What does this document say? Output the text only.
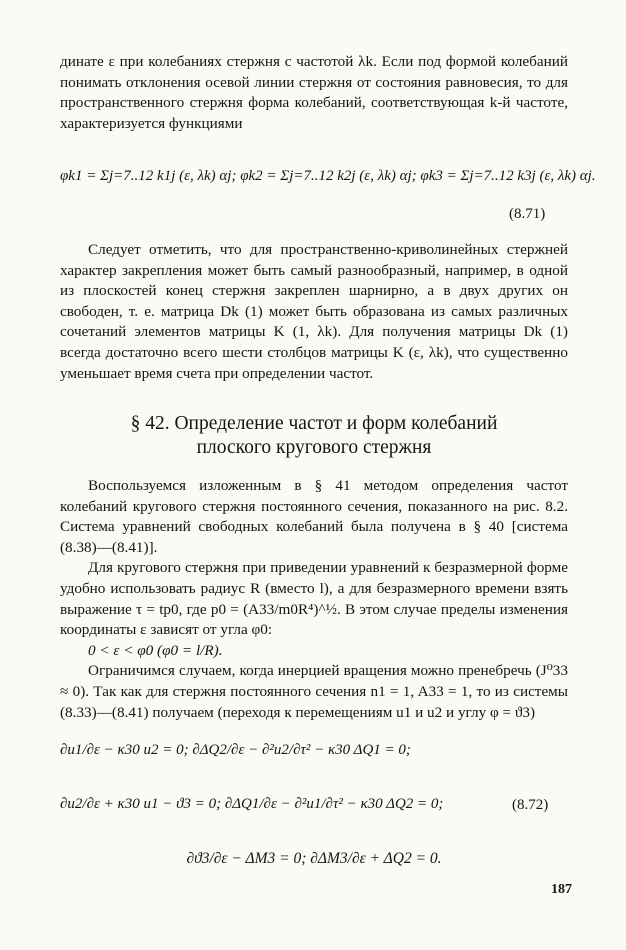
динате ε при колебаниях стержня с частотой λk. Если под формой колебаний понимать отклонения осевой линии стержня от состояния равновесия, то для пространственного стержня форма колебаний, соответствующая k-й частоте, характеризуется функциями

φk1 = Σj=7..12 k1j (ε, λk) αj; φk2 = Σj=7..12 k2j (ε, λk) αj; φk3 = Σj=7..12 k3j (ε, λk) αj.
(8.71)

Следует отметить, что для пространственно-криволинейных стержней характер закрепления может быть самый разнообразный, например, в одной из плоскостей конец стержня закреплен шарнирно, а в двух других он свободен, т. е. матрица Dk (1) может быть образована из самых различных сочетаний элементов матрицы K (1, λk). Для получения матрицы Dk (1) всегда достаточно всего шести столбцов матрицы K (ε, λk), что существенно уменьшает время счета при определении частот.

§ 42. Определение частот и форм колебаний
плоского кругового стержня

Воспользуемся изложенным в § 41 методом определения частот колебаний кругового стержня постоянного сечения, показанного на рис. 8.2. Система уравнений свободных колебаний была получена в § 40 [система (8.38)—(8.41)].

Для кругового стержня при приведении уравнений к безразмерной форме удобно использовать радиус R (вместо l), а для безразмерного времени взять выражение τ = tp0, где p0 = (A33/m0R⁴)^½. В этом случае пределы изменения координаты ε зависят от угла φ0:

0 < ε < φ0 (φ0 = l/R).

Ограничимся случаем, когда инерцией вращения можно пренебречь (J⁰33 ≈ 0). Так как для стержня постоянного сечения n1 = 1, A33 = 1, то из системы (8.33)—(8.41) получаем (переходя к перемещениям u1 и u2 и углу φ = ϑ3)

∂u1/∂ε − κ30 u2 = 0; ∂ΔQ2/∂ε − ∂²u2/∂τ² − κ30 ΔQ1 = 0;
∂u2/∂ε + κ30 u1 − ϑ3 = 0; ∂ΔQ1/∂ε − ∂²u1/∂τ² − κ30 ΔQ2 = 0;	(8.72)
∂ϑ3/∂ε − ΔM3 = 0; ∂ΔM3/∂ε + ΔQ2 = 0.
187
